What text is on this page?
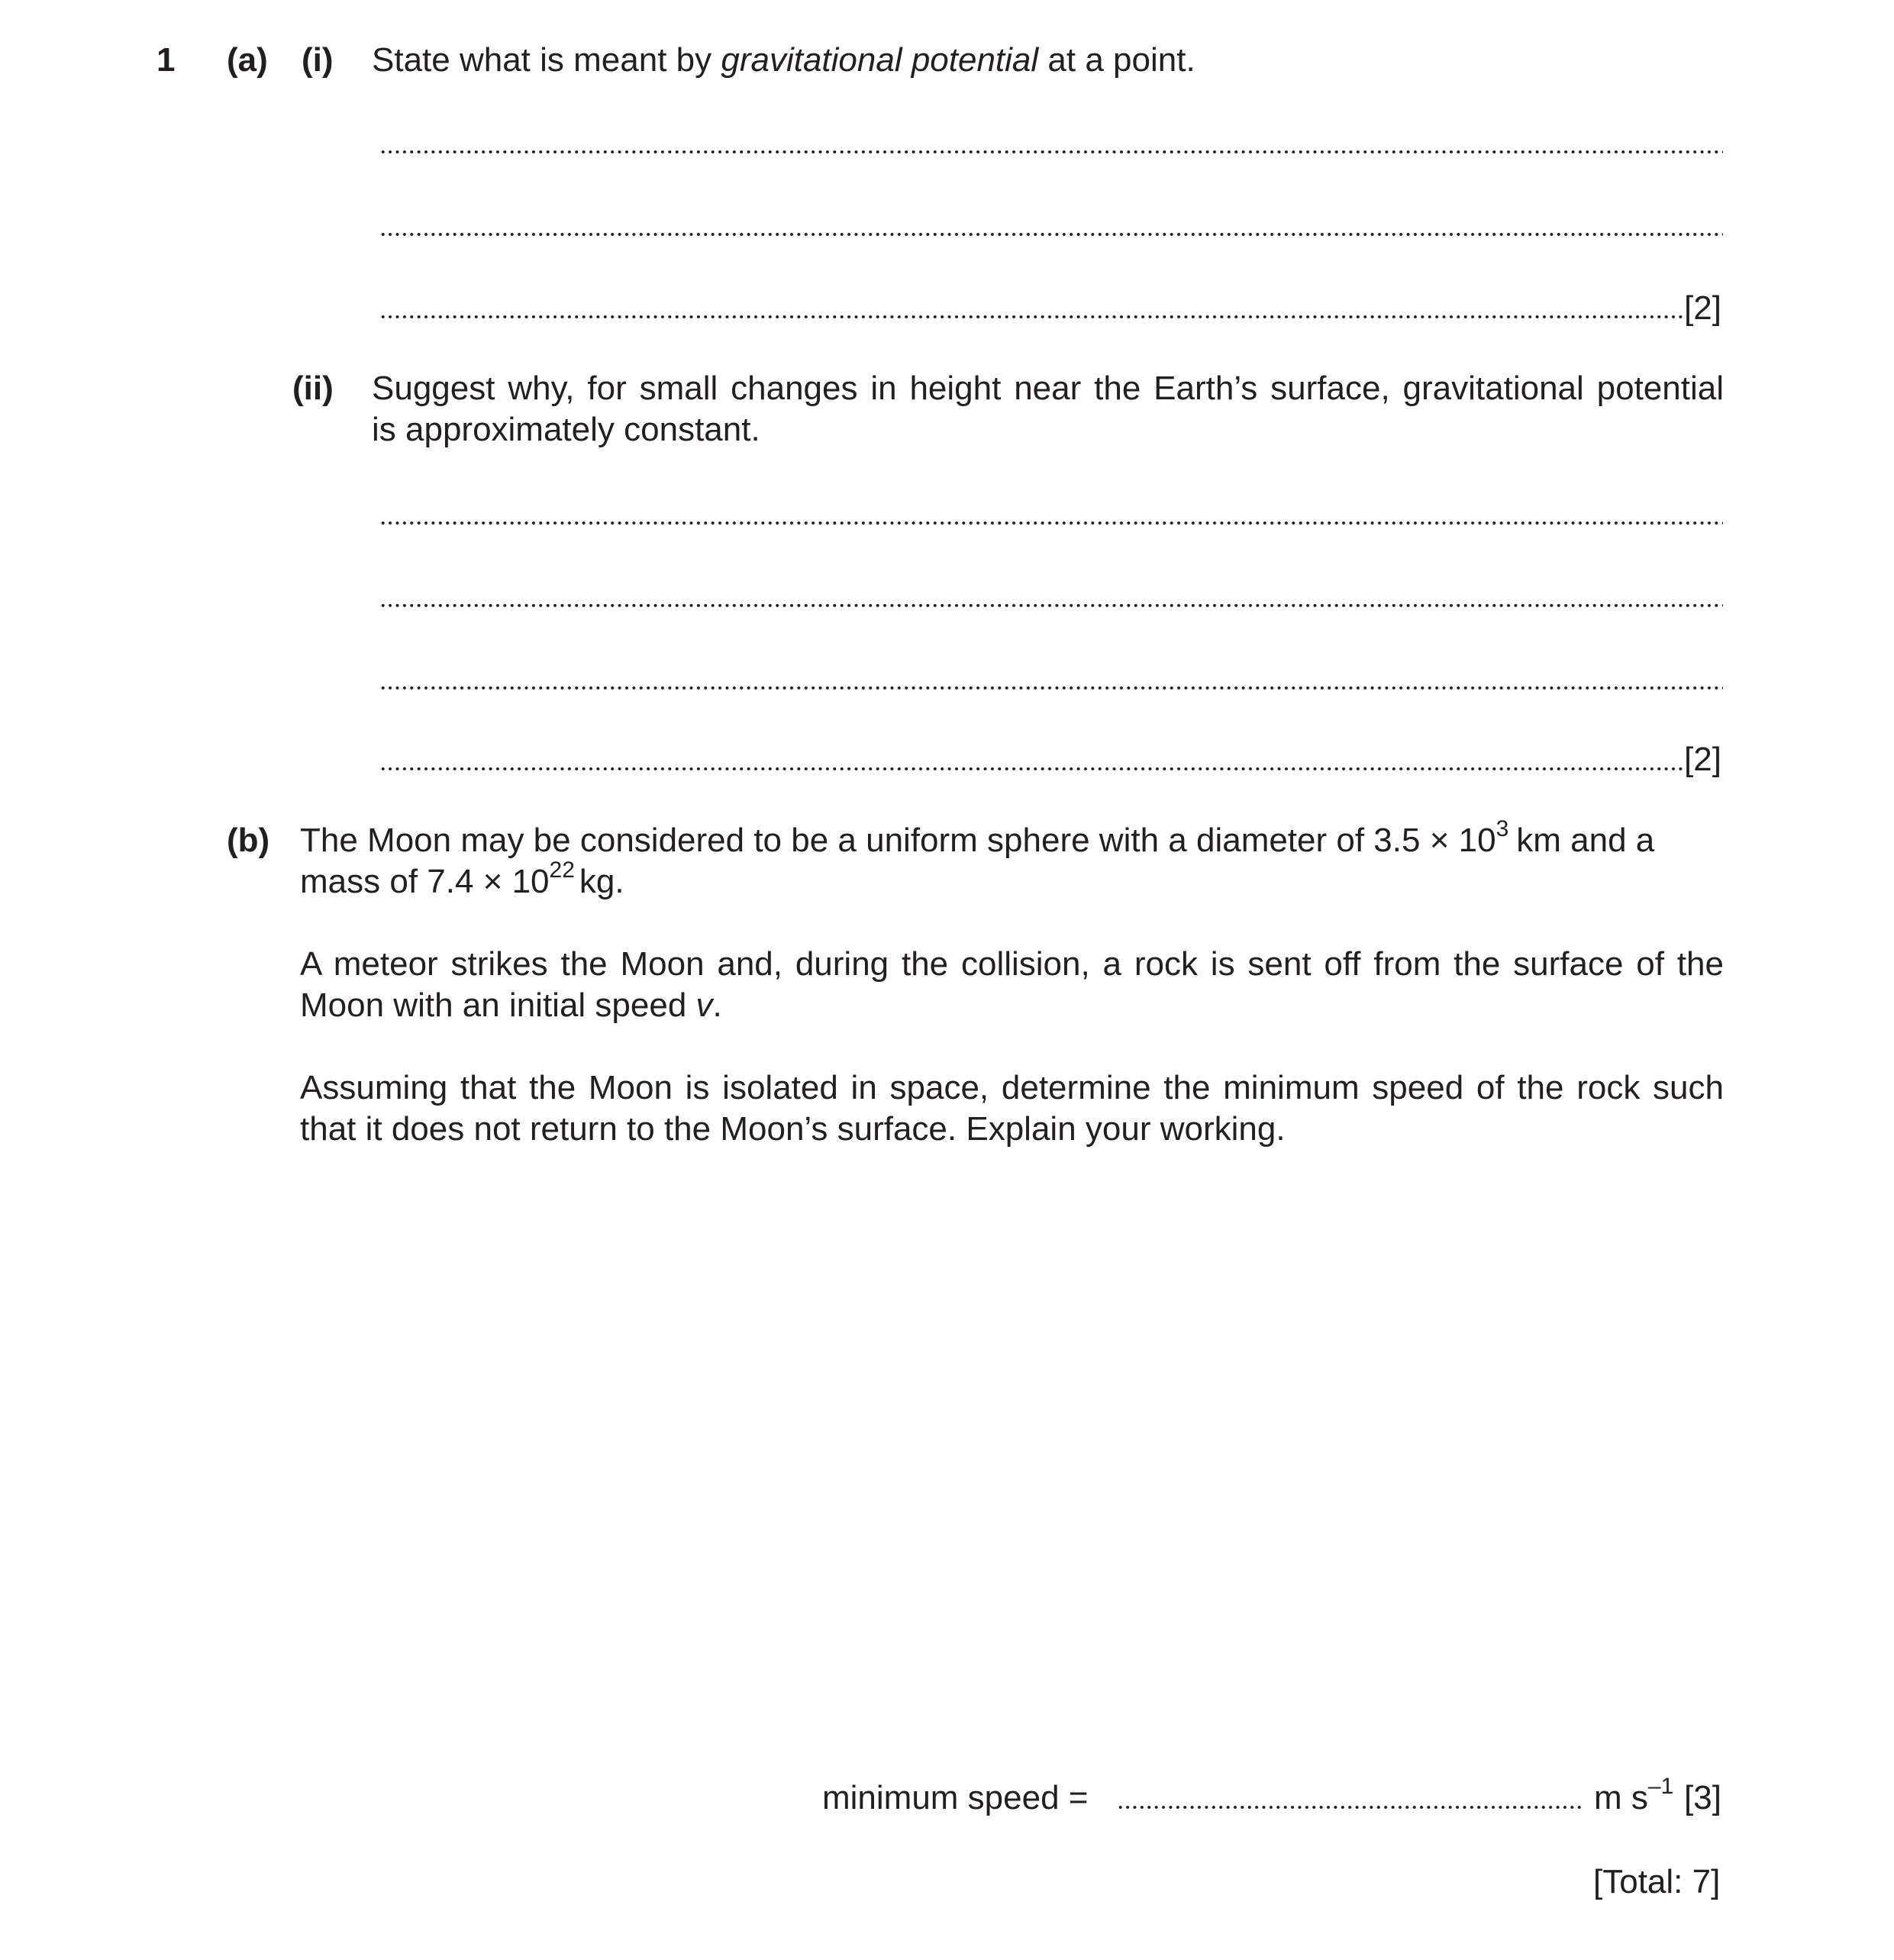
1 (a) (i) State what is meant by gravitational potential at a point.
[2]
(ii) Suggest why, for small changes in height near the Earth’s surface, gravitational potential
is approximately constant.
[2]
(b) The Moon may be considered to be a uniform sphere with a diameter of $3.5 \times 10^3$ km and a
mass of $7.4 \times 10^{22}$ kg.
A meteor strikes the Moon and, during the collision, a rock is sent off from the surface of the
Moon with an initial speed v.
Assuming that the Moon is isolated in space, determine the minimum speed of the rock such
that it does not return to the Moon’s surface. Explain your working.
minimum speed =	m $s^{-1}$ [3]
[Total: 7]
